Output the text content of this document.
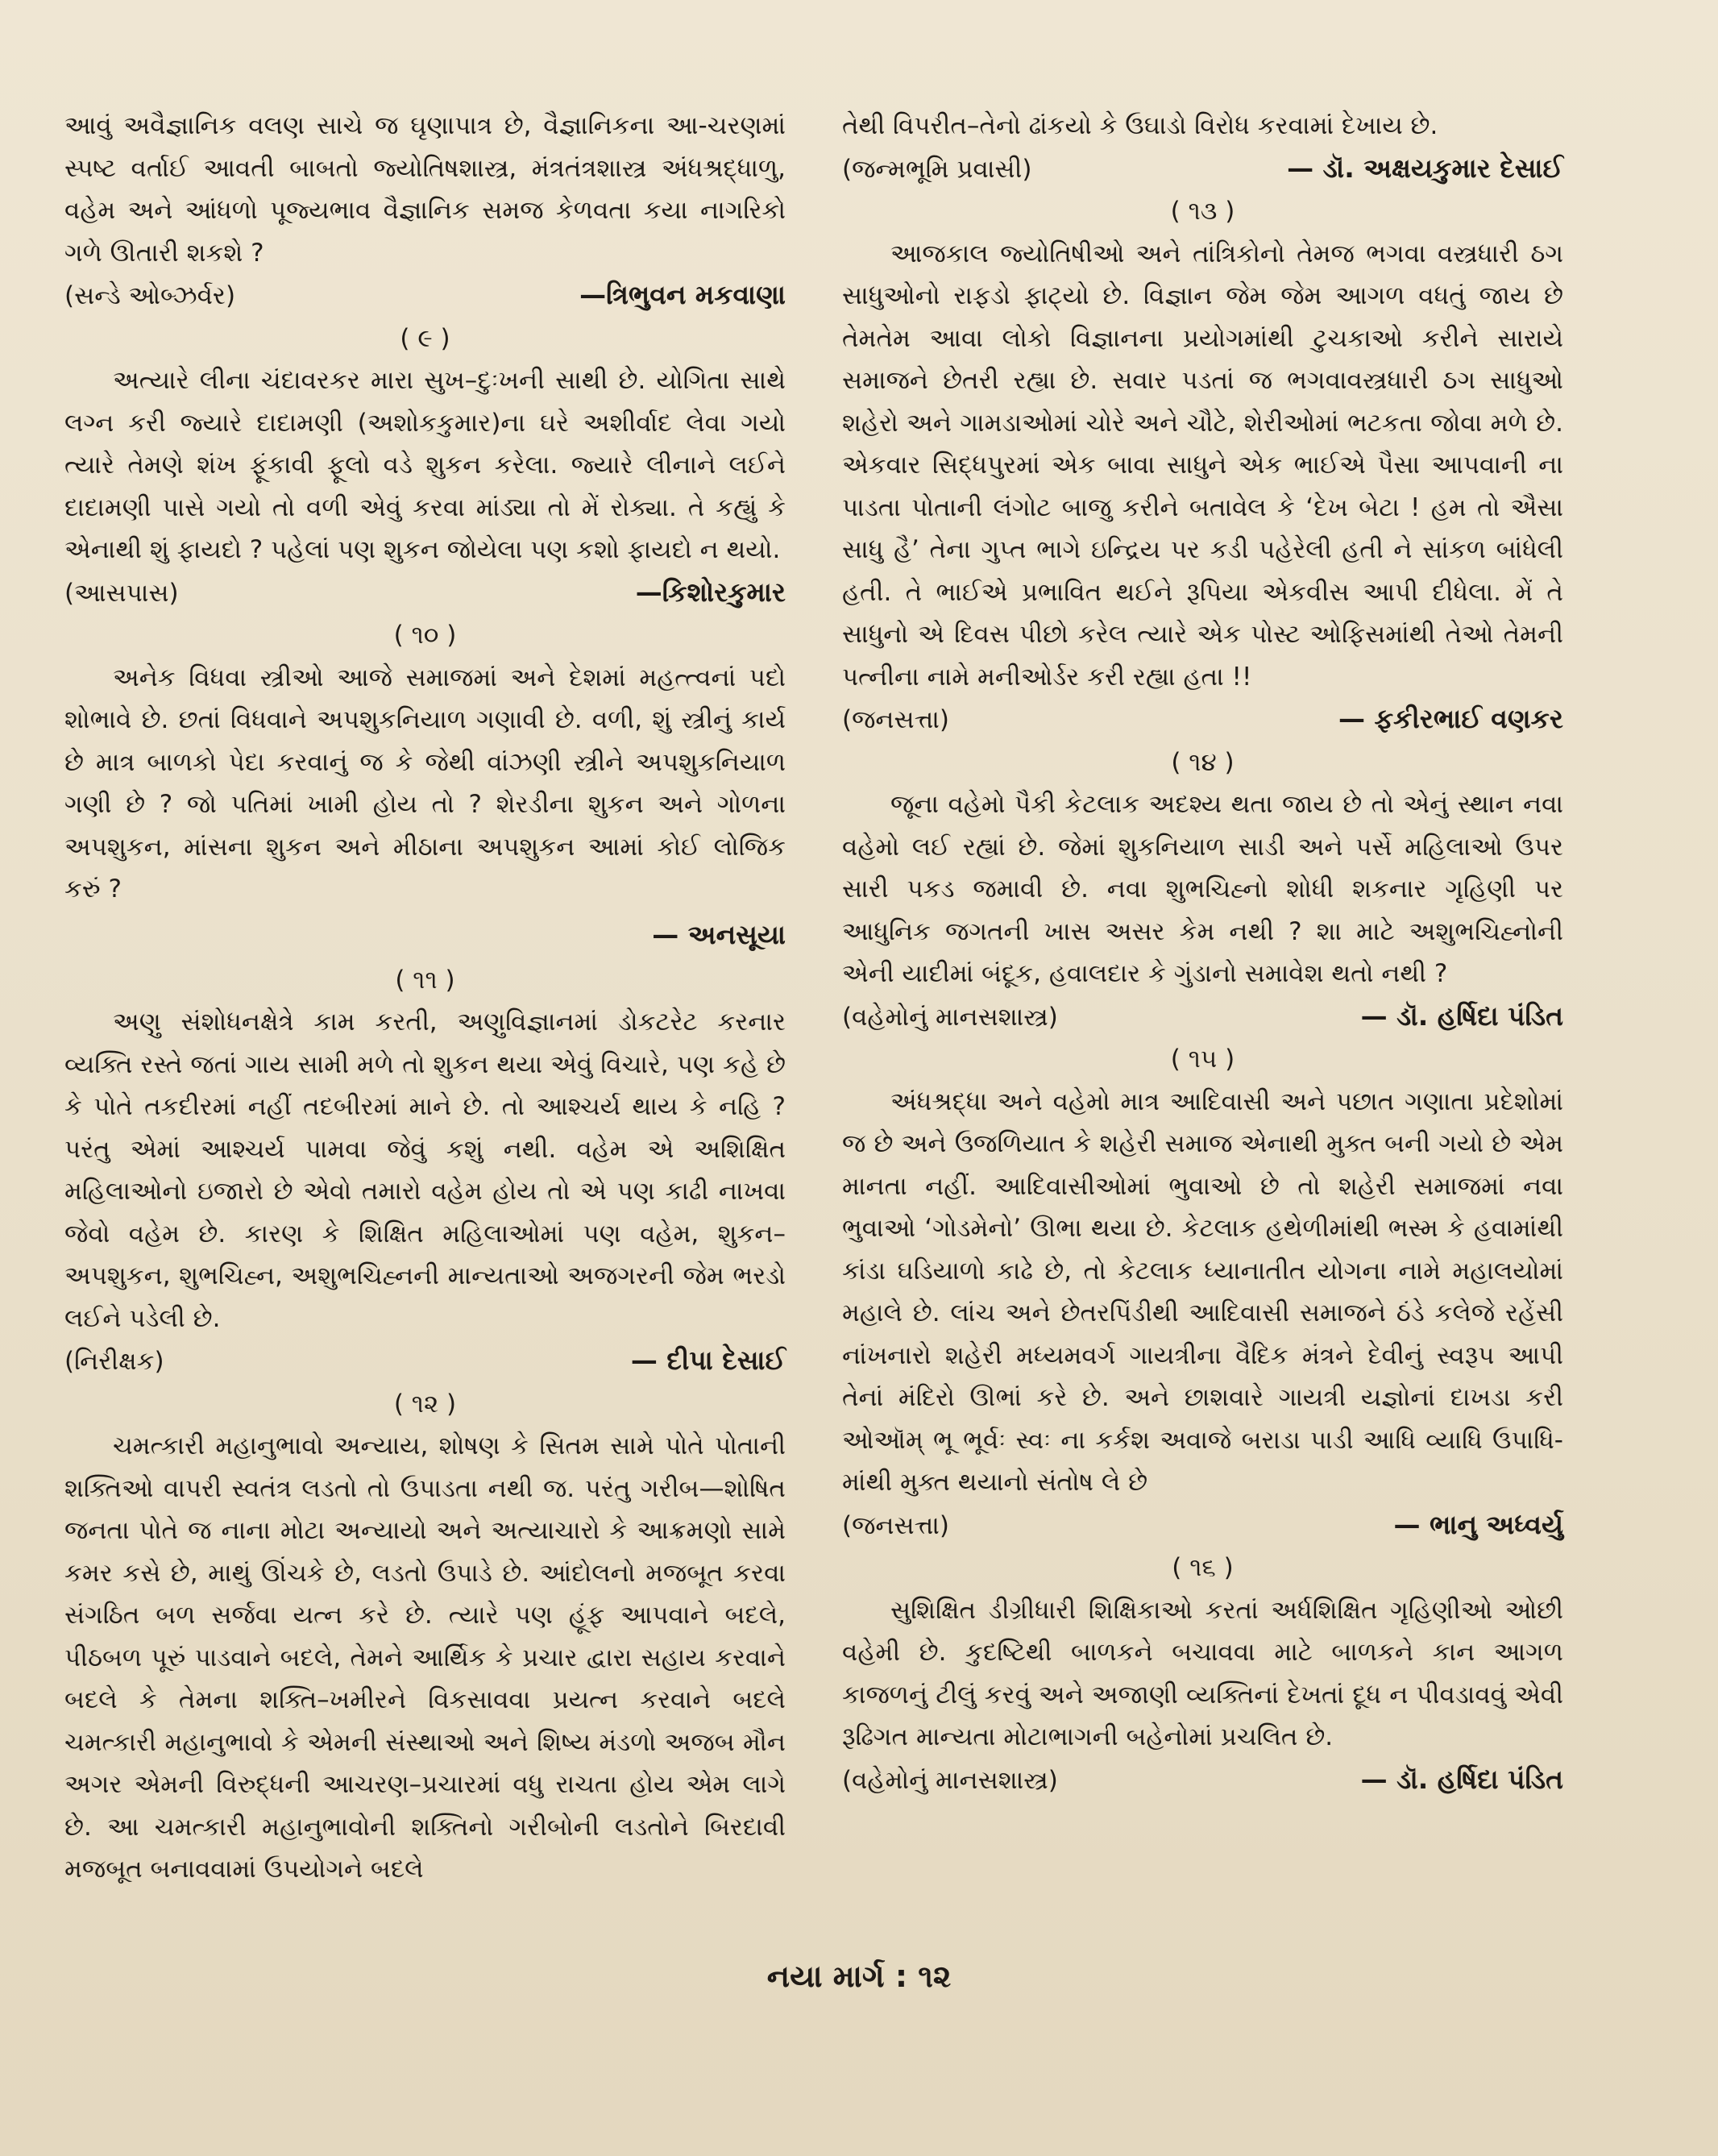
આવું અવૈજ્ઞાનિક વલણ સાચે જ ઘૃણાપાત્ર છે, વૈજ્ઞાનિકના આ-ચરણમાં સ્પષ્ટ વર્તાઈ આવતી બાબતો જ્યોતિષશાસ્ત્ર, મંત્રતંત્રશાસ્ત્ર અંધશ્રદ્ધાળુ, વહેમ અને આંધળો પૂજ્યભાવ વૈજ્ઞાનિક સમજ કેળવતા કયા નાગરિકો ગળે ઊતારી શકશે ?

(સન્ડે ઓબ્ઝર્વર)	—ત્રિભુવન મકવાણા
( ૯ )

અત્યારે લીના ચંદાવરકર મારા સુખ–દુઃખની સાથી છે. યોગિતા સાથે લગ્ન કરી જ્યારે દાદામણી (અશોકકુમાર)ના ઘરે અશીર્વાદ લેવા ગયો ત્યારે તેમણે શંખ ફૂંકાવી ફૂલો વડે શુકન કરેલા. જ્યારે લીનાને લઈને દાદામણી પાસે ગયો તો વળી એવું કરવા માંડ્યા તો મેં રોક્યા. તે કહ્યું કે એનાથી શું ફાયદો ? પહેલાં પણ શુકન જોયેલા પણ કશો ફાયદો ન થયો.

(આસપાસ)	—કિશોરકુમાર
( ૧૦ )

અનેક વિધવા સ્ત્રીઓ આજે સમાજમાં અને દેશમાં મહત્ત્વનાં પદો શોભાવે છે. છતાં વિધવાને અપશુકનિયાળ ગણાવી છે. વળી, શું સ્ત્રીનું કાર્ય છે માત્ર બાળકો પેદા કરવાનું જ કે જેથી વાંઝણી સ્ત્રીને અપશુકનિયાળ ગણી છે ? જો પતિમાં ખામી હોય તો ? શેરડીના શુકન અને ગોળના અપશુકન, માંસના શુકન અને મીઠાના અપશુકન આમાં કોઈ લોજિક કરું ?

— અનસૂયા
( ૧૧ )

અણુ સંશોધનક્ષેત્રે કામ કરતી, અણુવિજ્ઞાનમાં ડોકટરેટ કરનાર વ્યક્તિ રસ્તે જતાં ગાય સામી મળે તો શુકન થયા એવું વિચારે, પણ કહે છે કે પોતે તકદીરમાં નહીં તદબીરમાં માને છે. તો આશ્ચર્ય થાય કે નહિ ? પરંતુ એમાં આશ્ચર્ય પામવા જેવું કશું નથી. વહેમ એ અશિક્ષિત મહિલાઓનો ઇજારો છે એવો તમારો વહેમ હોય તો એ પણ કાઢી નાખવા જેવો વહેમ છે. કારણ કે શિક્ષિત મહિલાઓમાં પણ વહેમ, શુકન–અપશુકન, શુભચિહ્ન, અશુભચિહ્નની માન્યતાઓ અજગરની જેમ ભરડો લઈને પડેલી છે.

(નિરીક્ષક)	— દીપા દેસાઈ
( ૧૨ )

ચમત્કારી મહાનુભાવો અન્યાય, શોષણ કે સિતમ સામે પોતે પોતાની શક્તિઓ વાપરી સ્વતંત્ર લડતો તો ઉપાડતા નથી જ. પરંતુ ગરીબ—શોષિત જનતા પોતે જ નાના મોટા અન્યાયો અને અત્યાચારો કે આક્રમણો સામે કમર કસે છે, માથું ઊંચકે છે, લડતો ઉપાડે છે. આંદોલનો મજબૂત કરવા સંગઠિત બળ સર્જવા યત્ન કરે છે. ત્યારે પણ હૂંફ આપવાને બદલે, પીઠબળ પૂરું પાડવાને બદલે, તેમને આર્થિક કે પ્રચાર દ્વારા સહાય કરવાને બદલે કે તેમના શક્તિ–ખમીરને વિકસાવવા પ્રયત્ન કરવાને બદલે ચમત્કારી મહાનુભાવો કે એમની સંસ્થાઓ અને શિષ્ય મંડળો અજબ મૌન અગર એમની વિરુદ્ધની આચરણ–પ્રચારમાં વધુ રાચતા હોય એમ લાગે છે. આ ચમત્કારી મહાનુભાવોની શક્તિનો ગરીબોની લડતોને બિરદાવી મજબૂત બનાવવામાં ઉપયોગને બદલે

તેથી વિપરીત–તેનો ઢાંકયો કે ઉઘાડો વિરોધ કરવામાં દેખાય છે.

(જન્મભૂમિ પ્રવાસી)	— ડૉ. અક્ષયકુમાર દેસાઈ
( ૧૩ )

આજકાલ જ્યોતિષીઓ અને તાંત્રિકોનો તેમજ ભગવા વસ્ત્રધારી ઠગ સાધુઓનો રાફડો ફાટ્યો છે. વિજ્ઞાન જેમ જેમ આગળ વધતું જાય છે તેમતેમ આવા લોકો વિજ્ઞાનના પ્રયોગમાંથી ટુચકાઓ કરીને સારાયે સમાજને છેતરી રહ્યા છે. સવાર પડતાં જ ભગવાવસ્ત્રધારી ઠગ સાધુઓ શહેરો અને ગામડાઓમાં ચોરે અને ચૌટે, શેરીઓમાં ભટકતા જોવા મળે છે. એકવાર સિદ્ધપુરમાં એક બાવા સાધુને એક ભાઈએ પૈસા આપવાની ના પાડતા પોતાની લંગોટ બાજુ કરીને બતાવેલ કે ‘દેખ બેટા ! હમ તો ઐસા સાધુ હૈ’ તેના ગુપ્ત ભાગે ઇન્દ્રિય પર કડી પહેરેલી હતી ને સાંકળ બાંધેલી હતી. તે ભાઈએ પ્રભાવિત થઈને રૂપિયા એકવીસ આપી દીધેલા. મેં તે સાધુનો એ દિવસ પીછો કરેલ ત્યારે એક પોસ્ટ ઓફિસમાંથી તેઓ તેમની પત્નીના નામે મનીઓર્ડર કરી રહ્યા હતા !!

(જનસત્તા)	— ફકીરભાઈ વણકર
( ૧૪ )

જૂના વહેમો પૈકી કેટલાક અદશ્ય થતા જાય છે તો એનું સ્થાન નવા વહેમો લઈ રહ્યાં છે. જેમાં શુકનિયાળ સાડી અને પર્સે મહિલાઓ ઉપર સારી પકડ જમાવી છે. નવા શુભચિહ્નો શોધી શકનાર ગૃહિણી પર આધુનિક જગતની ખાસ અસર કેમ નથી ? શા માટે અશુભચિહ્નોની એની યાદીમાં બંદૂક, હવાલદાર કે ગુંડાનો સમાવેશ થતો નથી ?

(વહેમોનું માનસશાસ્ત્ર)	— ડૉ. હર્ષિદા પંડિત
( ૧૫ )

અંધશ્રદ્ધા અને વહેમો માત્ર આદિવાસી અને પછાત ગણાતા પ્રદેશોમાં જ છે અને ઉજળિયાત કે શહેરી સમાજ એનાથી મુક્ત બની ગયો છે એમ માનતા નહીં. આદિવાસીઓમાં ભુવાઓ છે તો શહેરી સમાજમાં નવા ભુવાઓ ‘ગોડમેનો’ ઊભા થયા છે. કેટલાક હથેળીમાંથી ભસ્મ કે હવામાંથી કાંડા ઘડિયાળો કાઢે છે, તો કેટલાક ધ્યાનાતીત યોગના નામે મહાલયોમાં મહાલે છે. લાંચ અને છેતરપિંડીથી આદિવાસી સમાજને ઠંડે કલેજે રહેંસી નાંખનારો શહેરી મધ્યમવર્ગ ગાયત્રીના વૈદિક મંત્રને દેવીનું સ્વરૂપ આપી તેનાં મંદિરો ઊભાં કરે છે. અને છાશવારે ગાયત્રી યજ્ઞોનાં દાખડા કરી ઓઑમ્ ભૂ ભૂર્વઃ સ્વઃ ના કર્કશ અવાજે બરાડા પાડી આધિ વ્યાધિ ઉપાધિ-માંથી મુક્ત થયાનો સંતોષ લે છે

(જનસત્તા)	— ભાનુ અધ્વર્યુ
( ૧૬ )

સુશિક્ષિત ડીગ્રીધારી શિક્ષિકાઓ કરતાં અર્ધશિક્ષિત ગૃહિણીઓ ઓછી વહેમી છે. કુદષ્ટિથી બાળકને બચાવવા માટે બાળકને કાન આગળ કાજળનું ટીલું કરવું અને અજાણી વ્યક્તિનાં દેખતાં દૂધ ન પીવડાવવું એવી રૂઢિગત માન્યતા મોટાભાગની બહેનોમાં પ્રચલિત છે.

(વહેમોનું માનસશાસ્ત્ર)	— ડૉ. હર્ષિદા પંડિત
નયા માર્ગ : ૧૨
